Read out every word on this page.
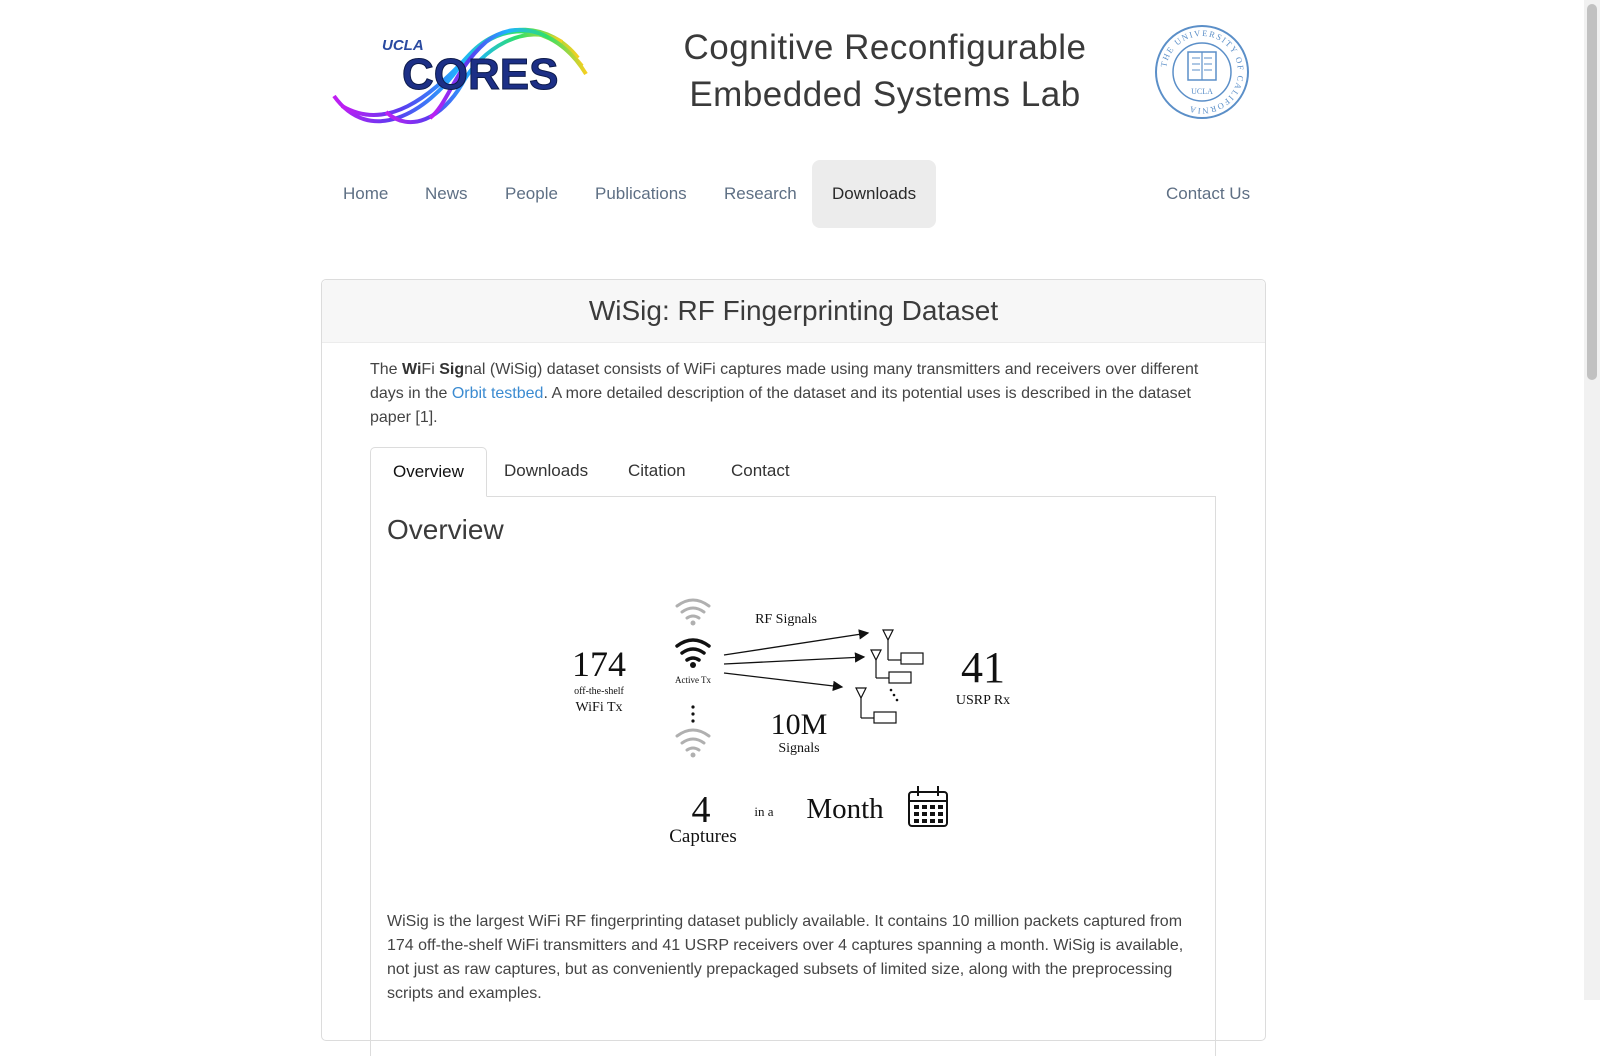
UCLA
CORES
Cognitive Reconfigurable
Embedded Systems Lab
THE UNIVERSITY OF CALIFORNIA
UCLA
Home	News	People	Publications	Research	Downloads	Contact Us
WiSig: RF Fingerprinting Dataset

The WiFi Signal (WiSig) dataset consists of WiFi captures made using many transmitters and receivers over different days in the Orbit testbed. A more detailed description of the dataset and its potential uses is described in the dataset paper [1].

Overview	Downloads	Citation	Contact
Overview
Active Tx
174
off-the-shelf
WiFi Tx
RF Signals
41
USRP Rx
10M
Signals
4
Captures
in a Month

WiSig is the largest WiFi RF fingerprinting dataset publicly available. It contains 10 million packets captured from 174 off-the-shelf WiFi transmitters and 41 USRP receivers over 4 captures spanning a month. WiSig is available, not just as raw captures, but as conveniently prepackaged subsets of limited size, along with the preprocessing scripts and examples.
